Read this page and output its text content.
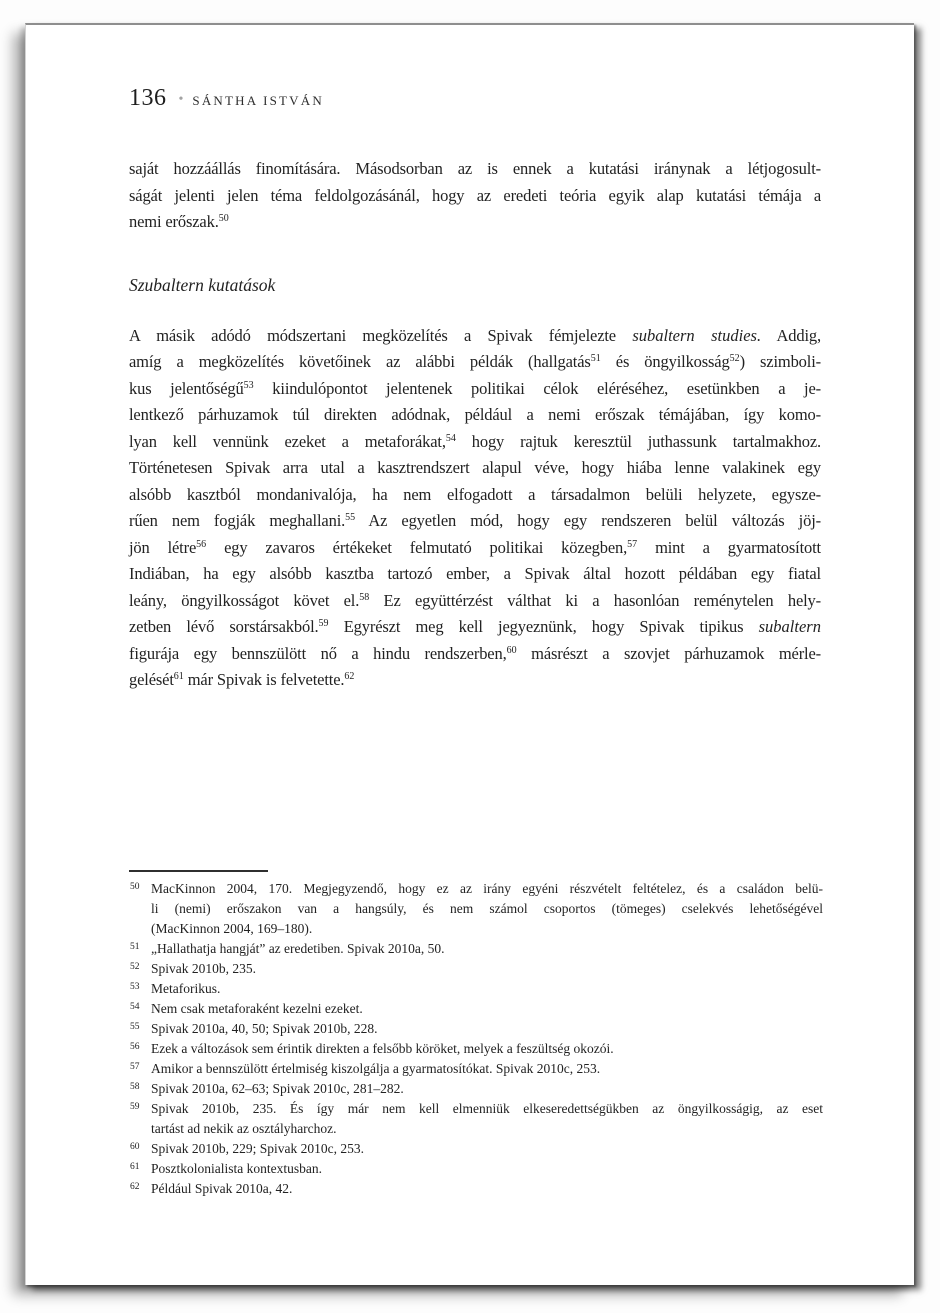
136 • SÁNTHA ISTVÁN
saját hozzáállás finomítására. Másodsorban az is ennek a kutatási iránynak a létjogosult-
ságát jelenti jelen téma feldolgozásánál, hogy az eredeti teória egyik alap kutatási témája a
nemi erőszak.$^{50}$
Szubaltern kutatások
A másik adódó módszertani megközelítés a Spivak fémjelezte subaltern studies. Addig,
amíg a megközelítés követőinek az alábbi példák (hallgatás$^{51}$ és öngyilkosság$^{52}$) szimboli-
kus jelentőségű$^{53}$ kiindulópontot jelentenek politikai célok eléréséhez, esetünkben a je-
lentkező párhuzamok túl direkten adódnak, például a nemi erőszak témájában, így komo-
lyan kell vennünk ezeket a metaforákat,$^{54}$ hogy rajtuk keresztül juthassunk tartalmakhoz.
Történetesen Spivak arra utal a kasztrendszert alapul véve, hogy hiába lenne valakinek egy
alsóbb kasztból mondanivalója, ha nem elfogadott a társadalmon belüli helyzete, egysze-
rűen nem fogják meghallani.$^{55}$ Az egyetlen mód, hogy egy rendszeren belül változás jöj-
jön létre$^{56}$ egy zavaros értékeket felmutató politikai közegben,$^{57}$ mint a gyarmatosított
Indiában, ha egy alsóbb kasztba tartozó ember, a Spivak által hozott példában egy fiatal
leány, öngyilkosságot követ el.$^{58}$ Ez együttérzést válthat ki a hasonlóan reménytelen hely-
zetben lévő sorstársakból.$^{59}$ Egyrészt meg kell jegyeznünk, hogy Spivak tipikus subaltern
figurája egy bennszülött nő a hindu rendszerben,$^{60}$ másrészt a szovjet párhuzamok mérle-
gelését$^{61}$ már Spivak is felvetette.$^{62}$
50 MacKinnon 2004, 170. Megjegyzendő, hogy ez az irány egyéni részvételt feltételez, és a családon belü-
li (nemi) erőszakon van a hangsúly, és nem számol csoportos (tömeges) cselekvés lehetőségével
(MacKinnon 2004, 169–180).
51 „Hallathatja hangját” az eredetiben. Spivak 2010a, 50.
52 Spivak 2010b, 235.
53 Metaforikus.
54 Nem csak metaforaként kezelni ezeket.
55 Spivak 2010a, 40, 50; Spivak 2010b, 228.
56 Ezek a változások sem érintik direkten a felsőbb köröket, melyek a feszültség okozói.
57 Amikor a bennszülött értelmiség kiszolgálja a gyarmatosítókat. Spivak 2010c, 253.
58 Spivak 2010a, 62–63; Spivak 2010c, 281–282.
59 Spivak 2010b, 235. És így már nem kell elmenniük elkeseredettségükben az öngyilkosságig, az eset
tartást ad nekik az osztályharchoz.
60 Spivak 2010b, 229; Spivak 2010c, 253.
61 Posztkolonialista kontextusban.
62 Például Spivak 2010a, 42.
